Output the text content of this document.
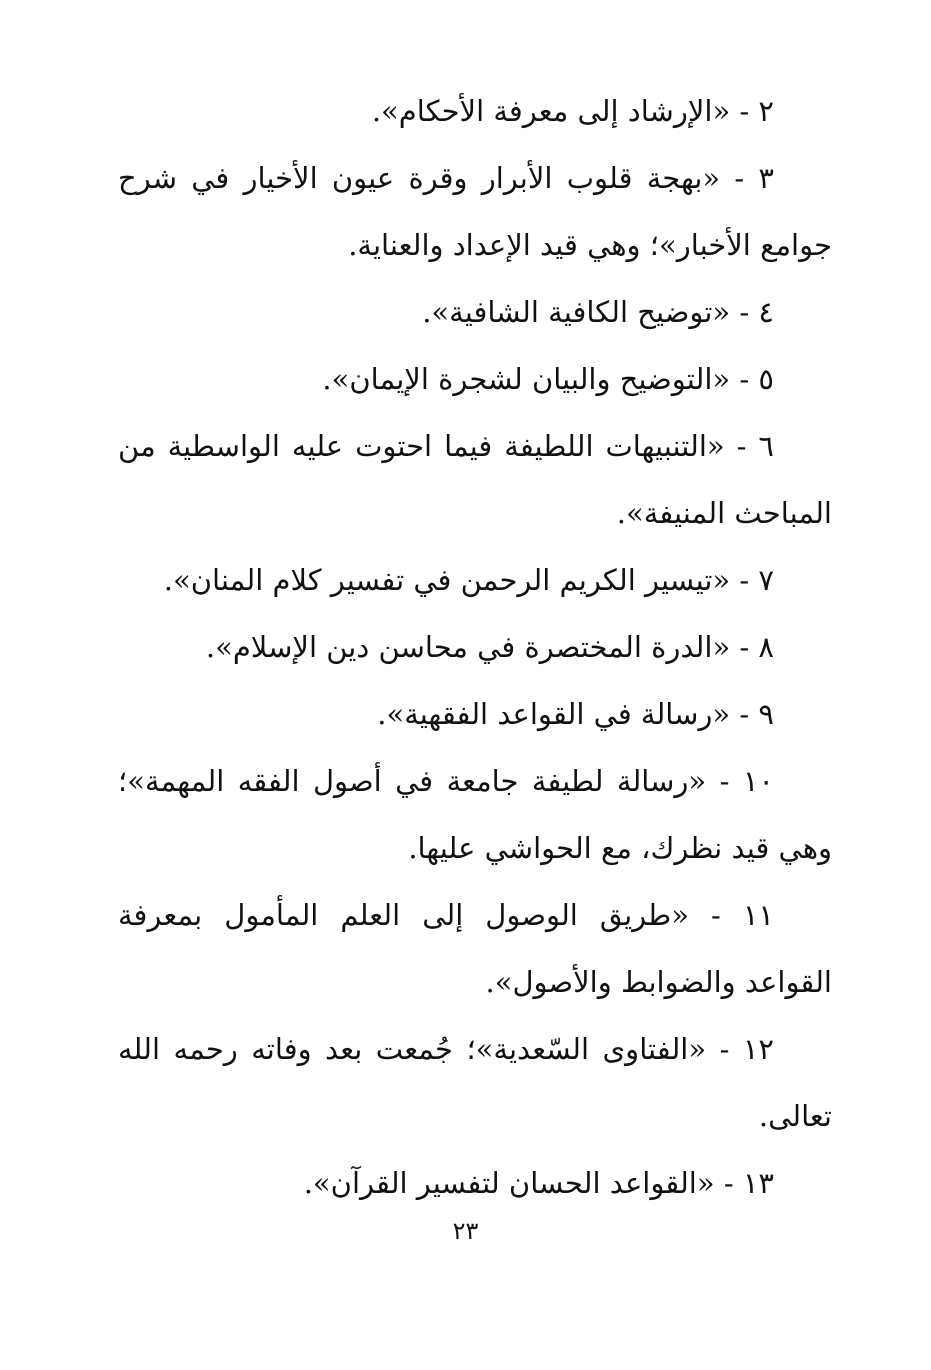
٢ - «الإرشاد إلى معرفة الأحكام».

٣ - «بهجة قلوب الأبرار وقرة عيون الأخيار في شرح جوامع الأخبار»؛ وهي قيد الإعداد والعناية.

٤ - «توضيح الكافية الشافية».

٥ - «التوضيح والبيان لشجرة الإيمان».

٦ - «التنبيهات اللطيفة فيما احتوت عليه الواسطية من المباحث المنيفة».

٧ - «تيسير الكريم الرحمن في تفسير كلام المنان».

٨ - «الدرة المختصرة في محاسن دين الإسلام».

٩ - «رسالة في القواعد الفقهية».

١٠ - «رسالة لطيفة جامعة في أصول الفقه المهمة»؛ وهي قيد نظرك، مع الحواشي عليها.

١١ - «طريق الوصول إلى العلم المأمول بمعرفة القواعد والضوابط والأصول».

١٢ - «الفتاوى السّعدية»؛ جُمعت بعد وفاته رحمه الله تعالى.

١٣ - «القواعد الحسان لتفسير القرآن».

٢٣
